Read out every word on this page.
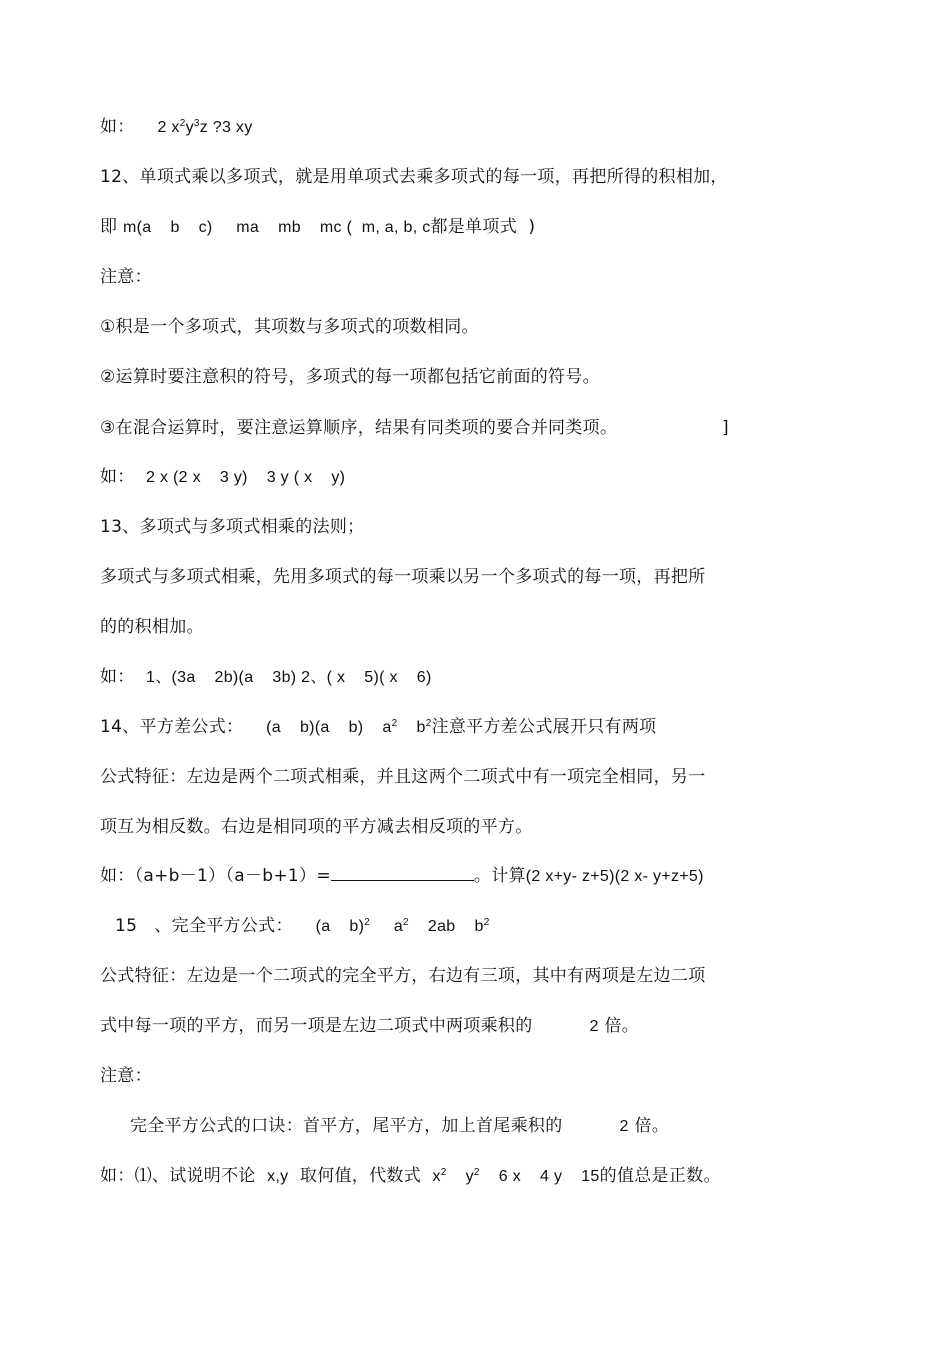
如： 2 $x^2y^3z$ ?3 xy
12、单项式乘以多项式，就是用单项式去乘多项式的每一项，再把所得的积相加，
即 m(a    b    c)     ma    mb    mc (  m, a, b, c都是单项式  )
注意：
①积是一个多项式，其项数与多项式的项数相同。
②运算时要注意积的符号，多项式的每一项都包括它前面的符号。
③在混合运算时，要注意运算顺序，结果有同类项的要合并同类项。	]
如： 2 x (2 x    3 y)    3 y ( x    y)
13、多项式与多项式相乘的法则；
多项式与多项式相乘，先用多项式的每一项乘以另一个多项式的每一项，再把所
的的积相加。
如： 1、(3a    2b)(a    3b) 2、( x    5)( x    6)
14、平方差公式： (a    b)(a    b)    $a^2$ $b^2$注意平方差公式展开只有两项
公式特征：左边是两个二项式相乘，并且这两个二项式中有一项完全相同，另一
项互为相反数。右边是相同项的平方减去相反项的平方。
如：（a+b－1）（a－b+1）=	。计算(2 x+y- z+5)(2 x- y+z+5)
15 、完全平方公式： (a    b)$^2$ $a^2$ 2ab    $b^2$
公式特征：左边是一个二项式的完全平方，右边有三项，其中有两项是左边二项
式中每一项的平方，而另一项是左边二项式中两项乘积的	2 倍。
注意：
完全平方公式的口诀：首平方，尾平方，加上首尾乘积的	2 倍。
如：⑴、试说明不论 x,y 取何值，代数式 $x^2$ $y^2$ 6 x    4 y    15的值总是正数。
